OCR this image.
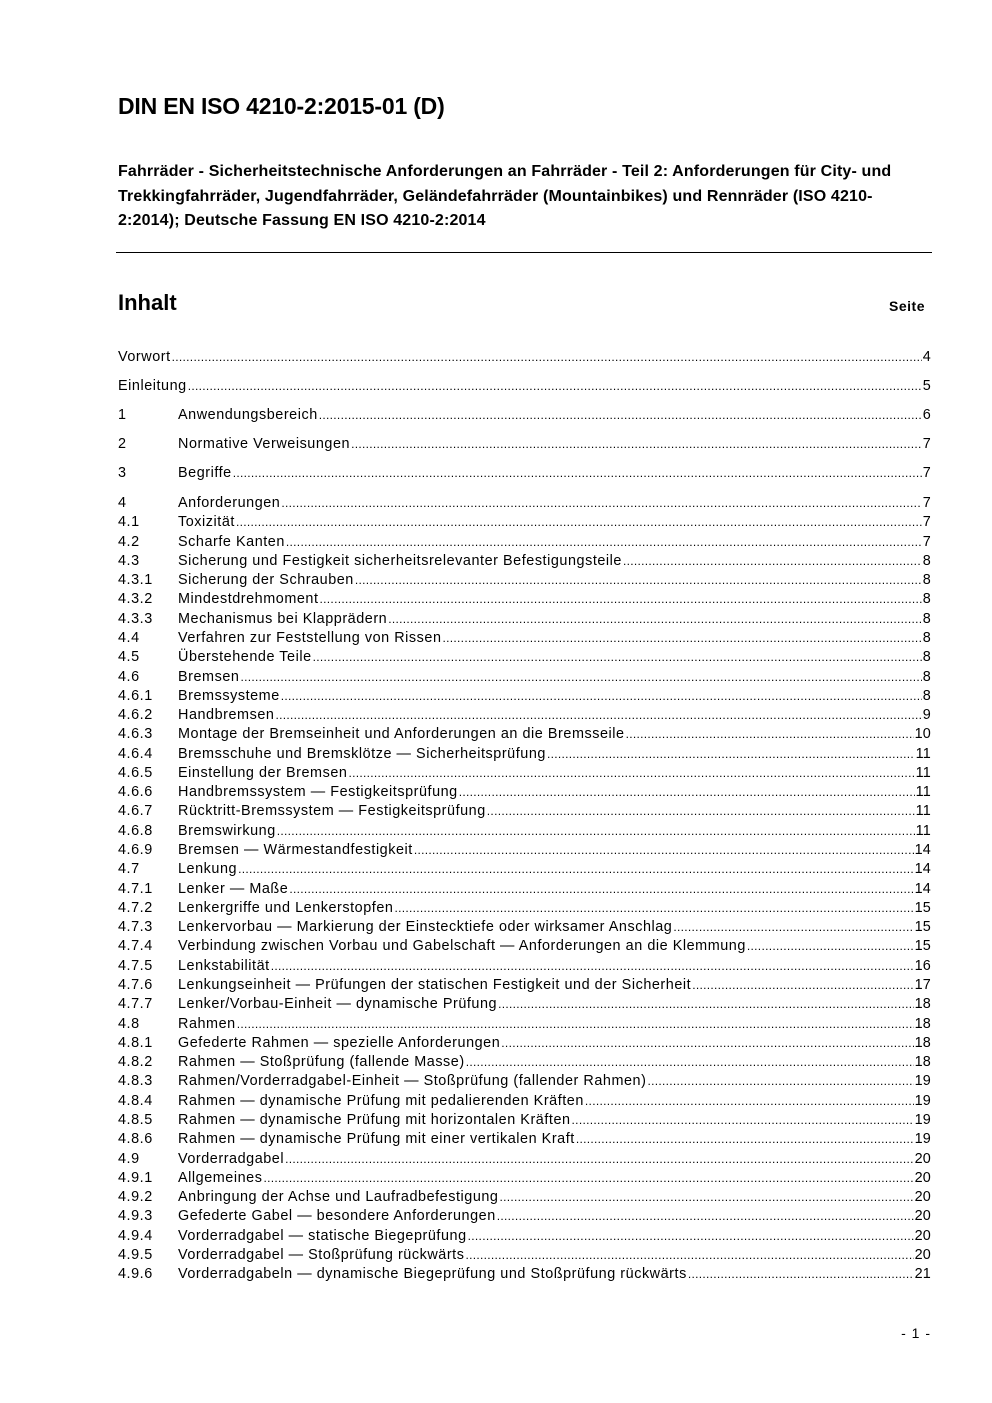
DIN EN ISO 4210-2:2015-01 (D)

Fahrräder - Sicherheitstechnische Anforderungen an Fahrräder - Teil 2: Anforderungen für City- und Trekkingfahrräder, Jugendfahrräder, Geländefahrräder (Mountainbikes) und Rennräder (ISO 4210-2:2014); Deutsche Fassung EN ISO 4210-2:2014

Inhalt	Seite
Vorwort .....	4
Einleitung .....	5
1	Anwendungsbereich .....	6
2	Normative Verweisungen .....	7
3	Begriffe .....	7
4	Anforderungen .....	7
4.1	Toxizität .....	7
4.2	Scharfe Kanten .....	7
4.3	Sicherung und Festigkeit sicherheitsrelevanter Befestigungsteile .....	8
4.3.1	Sicherung der Schrauben .....	8
4.3.2	Mindestdrehmoment .....	8
4.3.3	Mechanismus bei Klapprädern .....	8
4.4	Verfahren zur Feststellung von Rissen .....	8
4.5	Überstehende Teile .....	8
4.6	Bremsen .....	8
4.6.1	Bremssysteme .....	8
4.6.2	Handbremsen .....	9
4.6.3	Montage der Bremseinheit und Anforderungen an die Bremsseile .....	10
4.6.4	Bremsschuhe und Bremsklötze — Sicherheitsprüfung .....	11
4.6.5	Einstellung der Bremsen .....	11
4.6.6	Handbremssystem — Festigkeitsprüfung .....	11
4.6.7	Rücktritt-Bremssystem — Festigkeitsprüfung .....	11
4.6.8	Bremswirkung .....	11
4.6.9	Bremsen — Wärmestandfestigkeit .....	14
4.7	Lenkung .....	14
4.7.1	Lenker — Maße .....	14
4.7.2	Lenkergriffe und Lenkerstopfen .....	15
4.7.3	Lenkervorbau — Markierung der Einstecktiefe oder wirksamer Anschlag .....	15
4.7.4	Verbindung zwischen Vorbau und Gabelschaft — Anforderungen an die Klemmung .....	15
4.7.5	Lenkstabilität .....	16
4.7.6	Lenkungseinheit — Prüfungen der statischen Festigkeit und der Sicherheit .....	17
4.7.7	Lenker/Vorbau-Einheit — dynamische Prüfung .....	18
4.8	Rahmen .....	18
4.8.1	Gefederte Rahmen — spezielle Anforderungen .....	18
4.8.2	Rahmen — Stoßprüfung (fallende Masse) .....	18
4.8.3	Rahmen/Vorderradgabel-Einheit — Stoßprüfung (fallender Rahmen) .....	19
4.8.4	Rahmen — dynamische Prüfung mit pedalierenden Kräften .....	19
4.8.5	Rahmen — dynamische Prüfung mit horizontalen Kräften .....	19
4.8.6	Rahmen — dynamische Prüfung mit einer vertikalen Kraft .....	19
4.9	Vorderradgabel .....	20
4.9.1	Allgemeines .....	20
4.9.2	Anbringung der Achse und Laufradbefestigung .....	20
4.9.3	Gefederte Gabel — besondere Anforderungen .....	20
4.9.4	Vorderradgabel — statische Biegeprüfung .....	20
4.9.5	Vorderradgabel — Stoßprüfung rückwärts .....	20
4.9.6	Vorderradgabeln — dynamische Biegeprüfung und Stoßprüfung rückwärts .....	21
- 1 -
